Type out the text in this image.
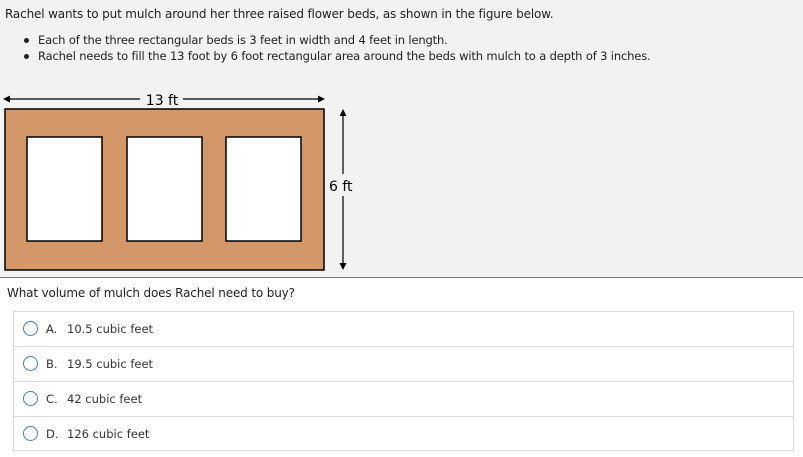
Rachel wants to put mulch around her three raised flower beds, as shown in the figure below.
Each of the three rectangular beds is 3 feet in width and 4 feet in length.
Rachel needs to fill the 13 foot by 6 foot rectangular area around the beds with mulch to a depth of 3 inches.
13 ft
6 ft
What volume of mulch does Rachel need to buy?
A. 10.5 cubic feet
B. 19.5 cubic feet
C. 42 cubic feet
D. 126 cubic feet
